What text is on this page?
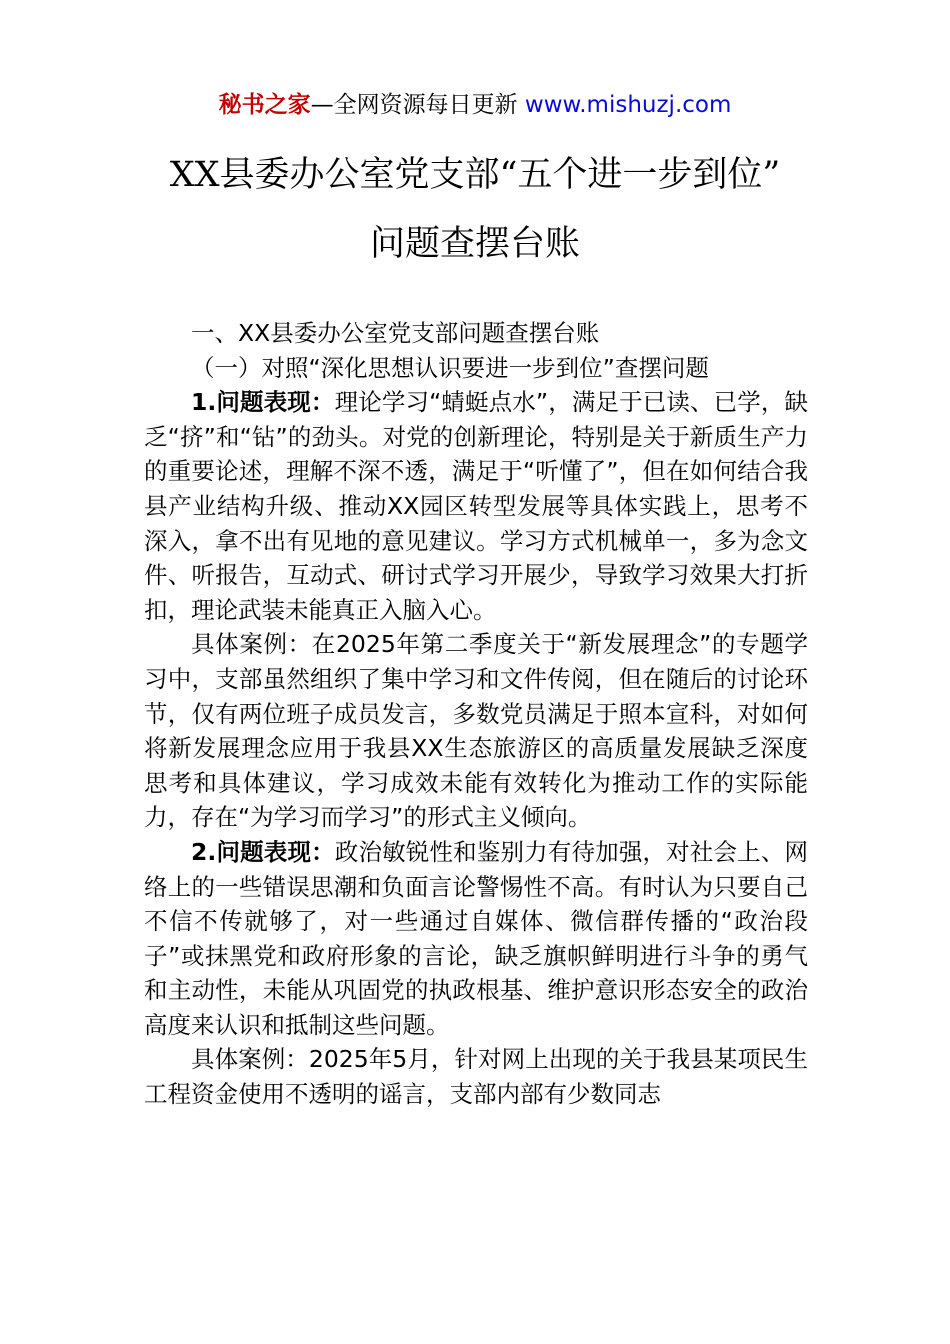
秘书之家—全网资源每日更新 www.mishuzj.com
XX县委办公室党支部“五个进一步到位”
问题查摆台账

一、XX县委办公室党支部问题查摆台账

（一）对照“深化思想认识要进一步到位”查摆问题

1.问题表现：理论学习“蜻蜓点水”，满足于已读、已学，缺乏“挤”和“钻”的劲头。对党的创新理论，特别是关于新质生产力的重要论述，理解不深不透，满足于“听懂了”，但在如何结合我县产业结构升级、推动XX园区转型发展等具体实践上，思考不深入，拿不出有见地的意见建议。学习方式机械单一，多为念文件、听报告，互动式、研讨式学习开展少，导致学习效果大打折扣，理论武装未能真正入脑入心。

具体案例：在2025年第二季度关于“新发展理念”的专题学习中，支部虽然组织了集中学习和文件传阅，但在随后的讨论环节，仅有两位班子成员发言，多数党员满足于照本宣科，对如何将新发展理念应用于我县XX生态旅游区的高质量发展缺乏深度思考和具体建议，学习成效未能有效转化为推动工作的实际能力，存在“为学习而学习”的形式主义倾向。

2.问题表现：政治敏锐性和鉴别力有待加强，对社会上、网络上的一些错误思潮和负面言论警惕性不高。有时认为只要自己不信不传就够了，对一些通过自媒体、微信群传播的“政治段子”或抹黑党和政府形象的言论，缺乏旗帜鲜明进行斗争的勇气和主动性，未能从巩固党的执政根基、维护意识形态安全的政治高度来认识和抵制这些问题。

具体案例：2025年5月，针对网上出现的关于我县某项民生工程资金使用不透明的谣言，支部内部有少数同志
